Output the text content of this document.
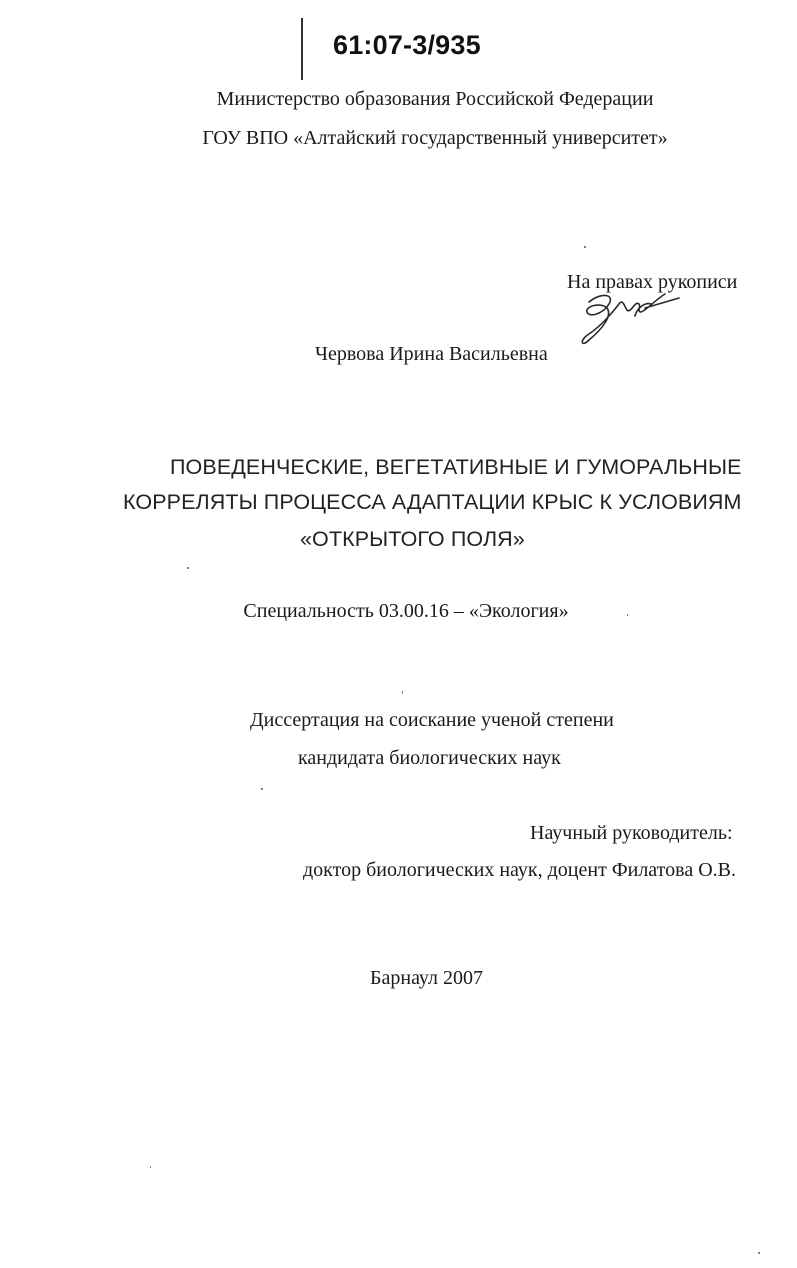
61:07-3/935
Министерство образования Российской Федерации
ГОУ ВПО «Алтайский государственный университет»
На правах рукописи
Червова Ирина Васильевна
ПОВЕДЕНЧЕСКИЕ, ВЕГЕТАТИВНЫЕ И ГУМОРАЛЬНЫЕ
КОРРЕЛЯТЫ ПРОЦЕССА АДАПТАЦИИ КРЫС К УСЛОВИЯМ
«ОТКРЫТОГО ПОЛЯ»
Специальность 03.00.16 – «Экология»
Диссертация на соискание ученой степени
кандидата биологических наук
Научный руководитель:
доктор биологических наук, доцент Филатова О.В.
Барнаул 2007
